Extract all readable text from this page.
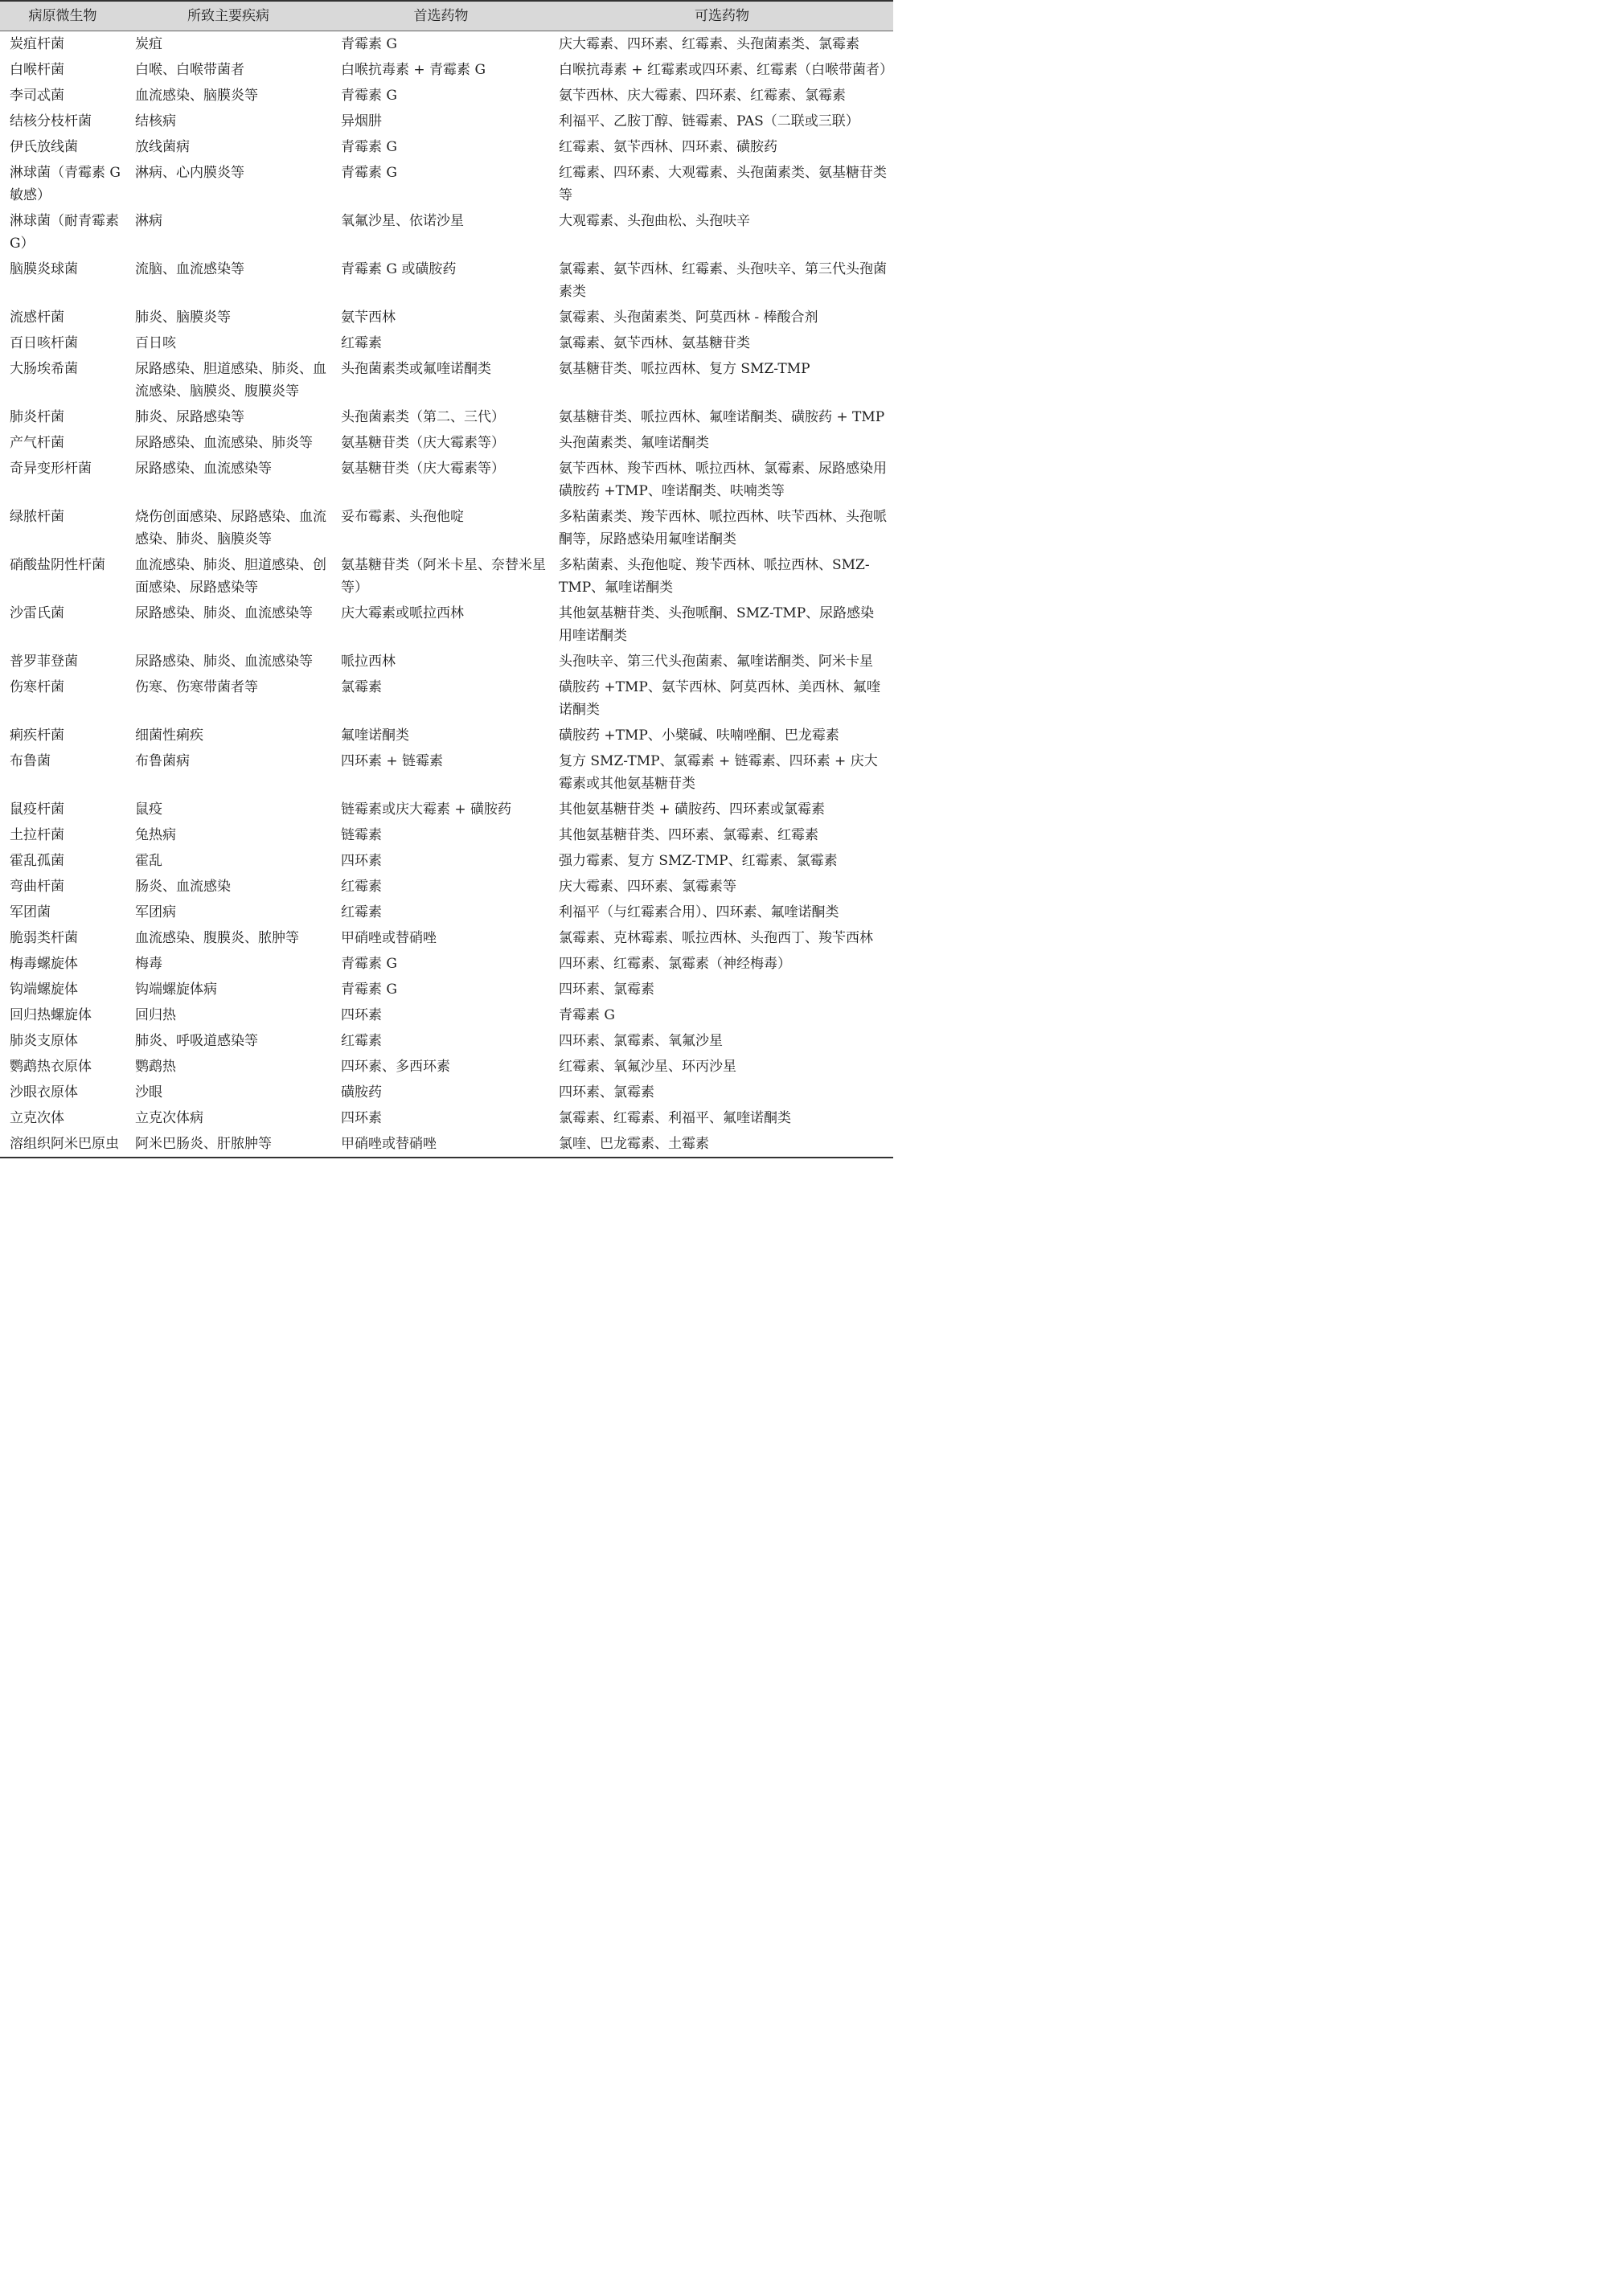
病原微生物	所致主要疾病	首选药物	可选药物
炭疽杆菌	炭疽	青霉素 G	庆大霉素、四环素、红霉素、头孢菌素类、氯霉素
白喉杆菌	白喉、白喉带菌者	白喉抗毒素 + 青霉素 G	白喉抗毒素 + 红霉素或四环素、红霉素（白喉带菌者）
李司忒菌	血流感染、脑膜炎等	青霉素 G	氨苄西林、庆大霉素、四环素、红霉素、氯霉素
结核分枝杆菌	结核病	异烟肼	利福平、乙胺丁醇、链霉素、PAS（二联或三联）
伊氏放线菌	放线菌病	青霉素 G	红霉素、氨苄西林、四环素、磺胺药
淋球菌（青霉素 G 敏感）	淋病、心内膜炎等	青霉素 G	红霉素、四环素、大观霉素、头孢菌素类、氨基糖苷类等
淋球菌（耐青霉素 G）	淋病	氧氟沙星、依诺沙星	大观霉素、头孢曲松、头孢呋辛
脑膜炎球菌	流脑、血流感染等	青霉素 G 或磺胺药	氯霉素、氨苄西林、红霉素、头孢呋辛、第三代头孢菌素类
流感杆菌	肺炎、脑膜炎等	氨苄西林	氯霉素、头孢菌素类、阿莫西林 - 棒酸合剂
百日咳杆菌	百日咳	红霉素	氯霉素、氨苄西林、氨基糖苷类
大肠埃希菌	尿路感染、胆道感染、肺炎、血流感染、脑膜炎、腹膜炎等	头孢菌素类或氟喹诺酮类	氨基糖苷类、哌拉西林、复方 SMZ-TMP
肺炎杆菌	肺炎、尿路感染等	头孢菌素类（第二、三代）	氨基糖苷类、哌拉西林、氟喹诺酮类、磺胺药 + TMP
产气杆菌	尿路感染、血流感染、肺炎等	氨基糖苷类（庆大霉素等）	头孢菌素类、氟喹诺酮类
奇异变形杆菌	尿路感染、血流感染等	氨基糖苷类（庆大霉素等）	氨苄西林、羧苄西林、哌拉西林、氯霉素、尿路感染用磺胺药 +TMP、喹诺酮类、呋喃类等
绿脓杆菌	烧伤创面感染、尿路感染、血流感染、肺炎、脑膜炎等	妥布霉素、头孢他啶	多粘菌素类、羧苄西林、哌拉西林、呋苄西林、头孢哌酮等，尿路感染用氟喹诺酮类
硝酸盐阴性杆菌	血流感染、肺炎、胆道感染、创面感染、尿路感染等	氨基糖苷类（阿米卡星、奈替米星等）	多粘菌素、头孢他啶、羧苄西林、哌拉西林、SMZ-TMP、氟喹诺酮类
沙雷氏菌	尿路感染、肺炎、血流感染等	庆大霉素或哌拉西林	其他氨基糖苷类、头孢哌酮、SMZ-TMP、尿路感染用喹诺酮类
普罗菲登菌	尿路感染、肺炎、血流感染等	哌拉西林	头孢呋辛、第三代头孢菌素、氟喹诺酮类、阿米卡星
伤寒杆菌	伤寒、伤寒带菌者等	氯霉素	磺胺药 +TMP、氨苄西林、阿莫西林、美西林、氟喹诺酮类
痢疾杆菌	细菌性痢疾	氟喹诺酮类	磺胺药 +TMP、小檗碱、呋喃唑酮、巴龙霉素
布鲁菌	布鲁菌病	四环素 + 链霉素	复方 SMZ-TMP、氯霉素 + 链霉素、四环素 + 庆大霉素或其他氨基糖苷类
鼠疫杆菌	鼠疫	链霉素或庆大霉素 + 磺胺药	其他氨基糖苷类 + 磺胺药、四环素或氯霉素
土拉杆菌	兔热病	链霉素	其他氨基糖苷类、四环素、氯霉素、红霉素
霍乱孤菌	霍乱	四环素	强力霉素、复方 SMZ-TMP、红霉素、氯霉素
弯曲杆菌	肠炎、血流感染	红霉素	庆大霉素、四环素、氯霉素等
军团菌	军团病	红霉素	利福平（与红霉素合用）、四环素、氟喹诺酮类
脆弱类杆菌	血流感染、腹膜炎、脓肿等	甲硝唑或替硝唑	氯霉素、克林霉素、哌拉西林、头孢西丁、羧苄西林
梅毒螺旋体	梅毒	青霉素 G	四环素、红霉素、氯霉素（神经梅毒）
钩端螺旋体	钩端螺旋体病	青霉素 G	四环素、氯霉素
回归热螺旋体	回归热	四环素	青霉素 G
肺炎支原体	肺炎、呼吸道感染等	红霉素	四环素、氯霉素、氧氟沙星
鹦鹉热衣原体	鹦鹉热	四环素、多西环素	红霉素、氧氟沙星、环丙沙星
沙眼衣原体	沙眼	磺胺药	四环素、氯霉素
立克次体	立克次体病	四环素	氯霉素、红霉素、利福平、氟喹诺酮类
溶组织阿米巴原虫	阿米巴肠炎、肝脓肿等	甲硝唑或替硝唑	氯喹、巴龙霉素、土霉素
